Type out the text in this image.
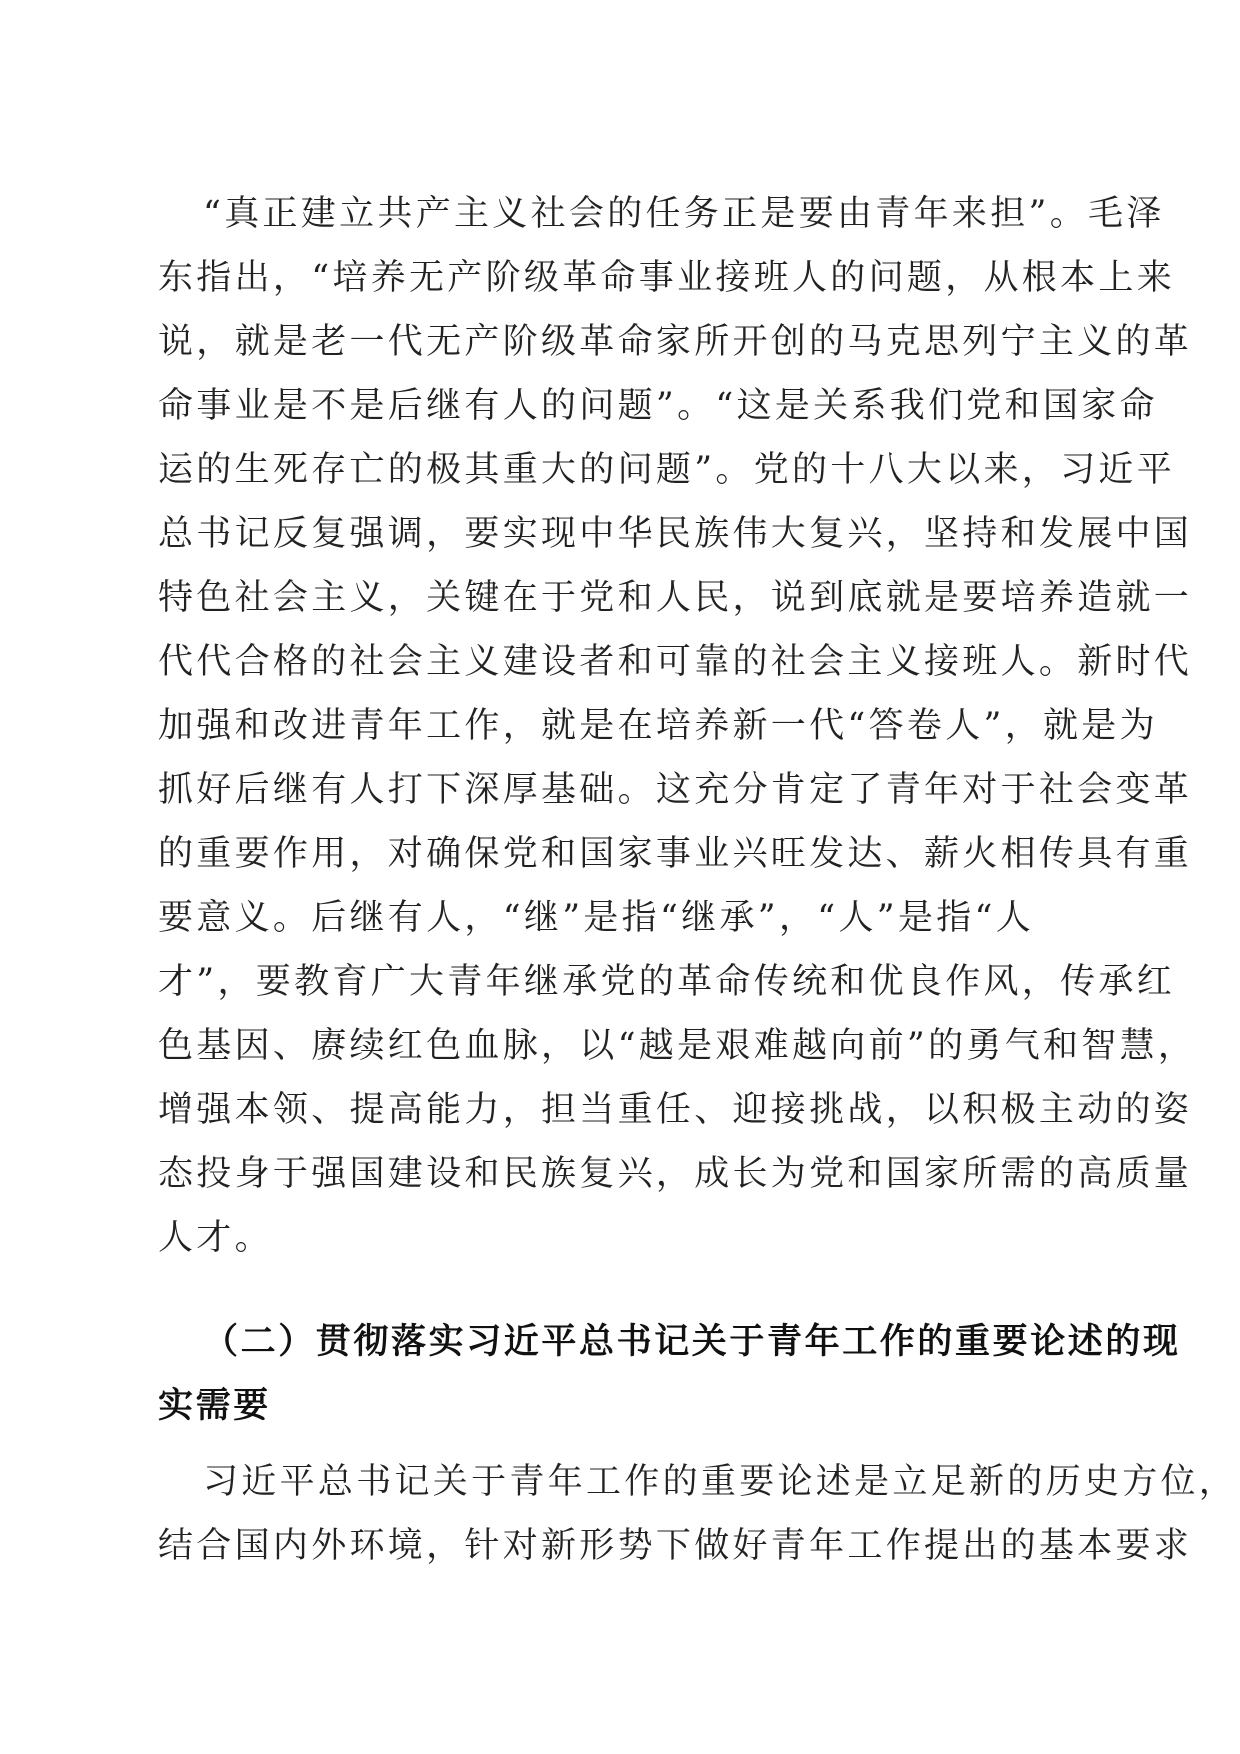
“真正建立共产主义社会的任务正是要由青年来担”。毛泽
东指出，“培养无产阶级革命事业接班人的问题，从根本上来
说，就是老一代无产阶级革命家所开创的马克思列宁主义的革
命事业是不是后继有人的问题”。“这是关系我们党和国家命
运的生死存亡的极其重大的问题”。党的十八大以来，习近平
总书记反复强调，要实现中华民族伟大复兴，坚持和发展中国
特色社会主义，关键在于党和人民，说到底就是要培养造就一
代代合格的社会主义建设者和可靠的社会主义接班人。新时代
加强和改进青年工作，就是在培养新一代“答卷人”，就是为
抓好后继有人打下深厚基础。这充分肯定了青年对于社会变革
的重要作用，对确保党和国家事业兴旺发达、薪火相传具有重
要意义。后继有人，“继”是指“继承”，“人”是指“人
才”，要教育广大青年继承党的革命传统和优良作风，传承红
色基因、赓续红色血脉，以“越是艰难越向前”的勇气和智慧，
增强本领、提高能力，担当重任、迎接挑战，以积极主动的姿
态投身于强国建设和民族复兴，成长为党和国家所需的高质量
人才。
（二）贯彻落实习近平总书记关于青年工作的重要论述的现
实需要
习近平总书记关于青年工作的重要论述是立足新的历史方位，
结合国内外环境，针对新形势下做好青年工作提出的基本要求
